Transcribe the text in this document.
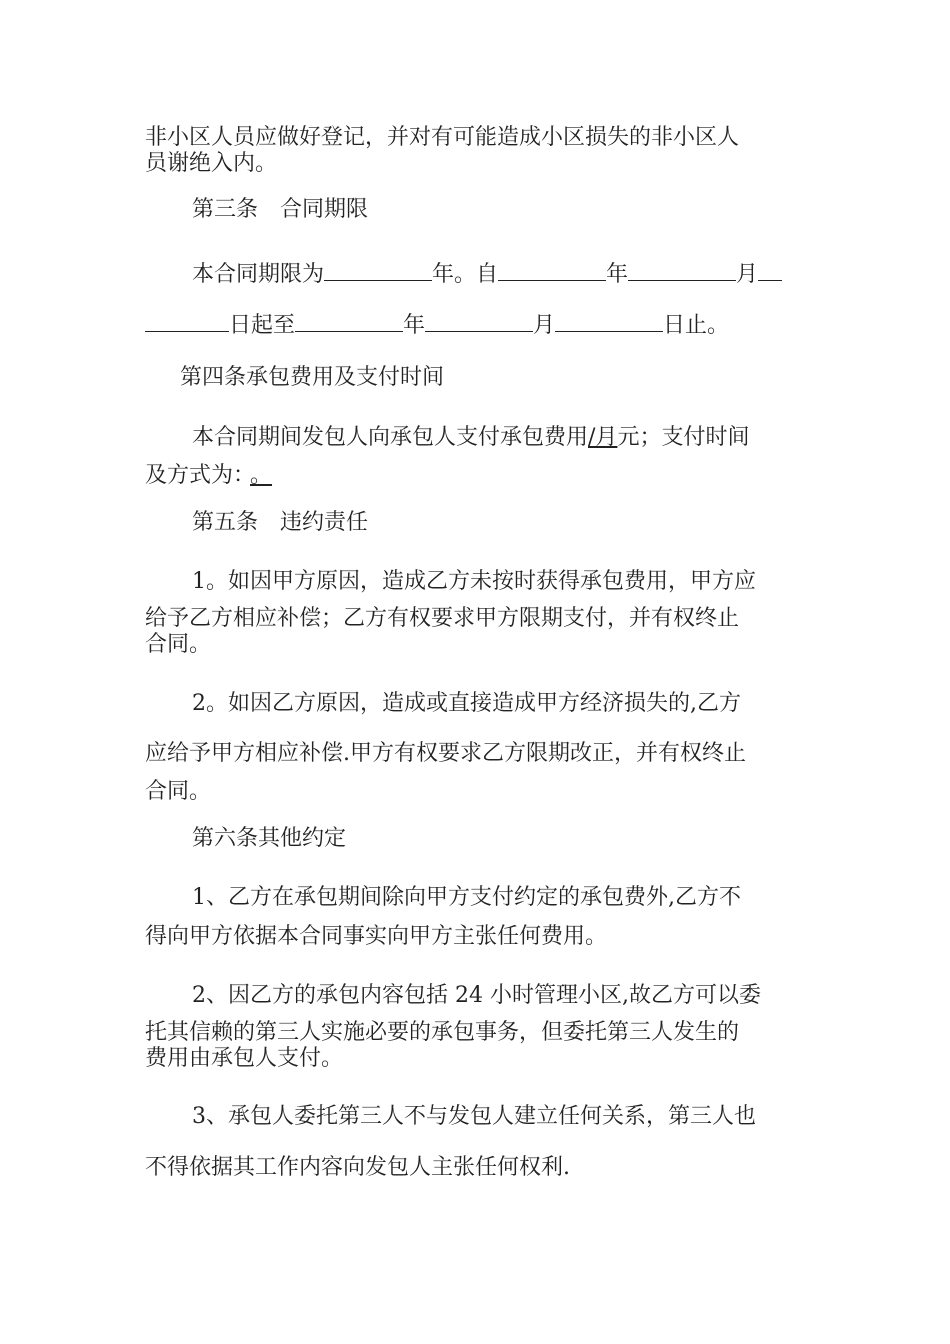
非小区人员应做好登记，并对有可能造成小区损失的非小区人
员谢绝入内。
第三条　合同期限
本合同期限为	年。自	年	月
日起至	年	月	日止。
第四条承包费用及支付时间
本合同期间发包人向承包人支付承包费用/月元；支付时间
及方式为： 。
第五条　违约责任
1。如因甲方原因，造成乙方未按时获得承包费用，甲方应
给予乙方相应补偿；乙方有权要求甲方限期支付，并有权终止
合同。
2。如因乙方原因，造成或直接造成甲方经济损失的,乙方
应给予甲方相应补偿.甲方有权要求乙方限期改正，并有权终止
合同。
第六条其他约定
1、乙方在承包期间除向甲方支付约定的承包费外,乙方不
得向甲方依据本合同事实向甲方主张任何费用。
2、因乙方的承包内容包括 24 小时管理小区,故乙方可以委
托其信赖的第三人实施必要的承包事务，但委托第三人发生的
费用由承包人支付。
3、承包人委托第三人不与发包人建立任何关系，第三人也
不得依据其工作内容向发包人主张任何权利.
